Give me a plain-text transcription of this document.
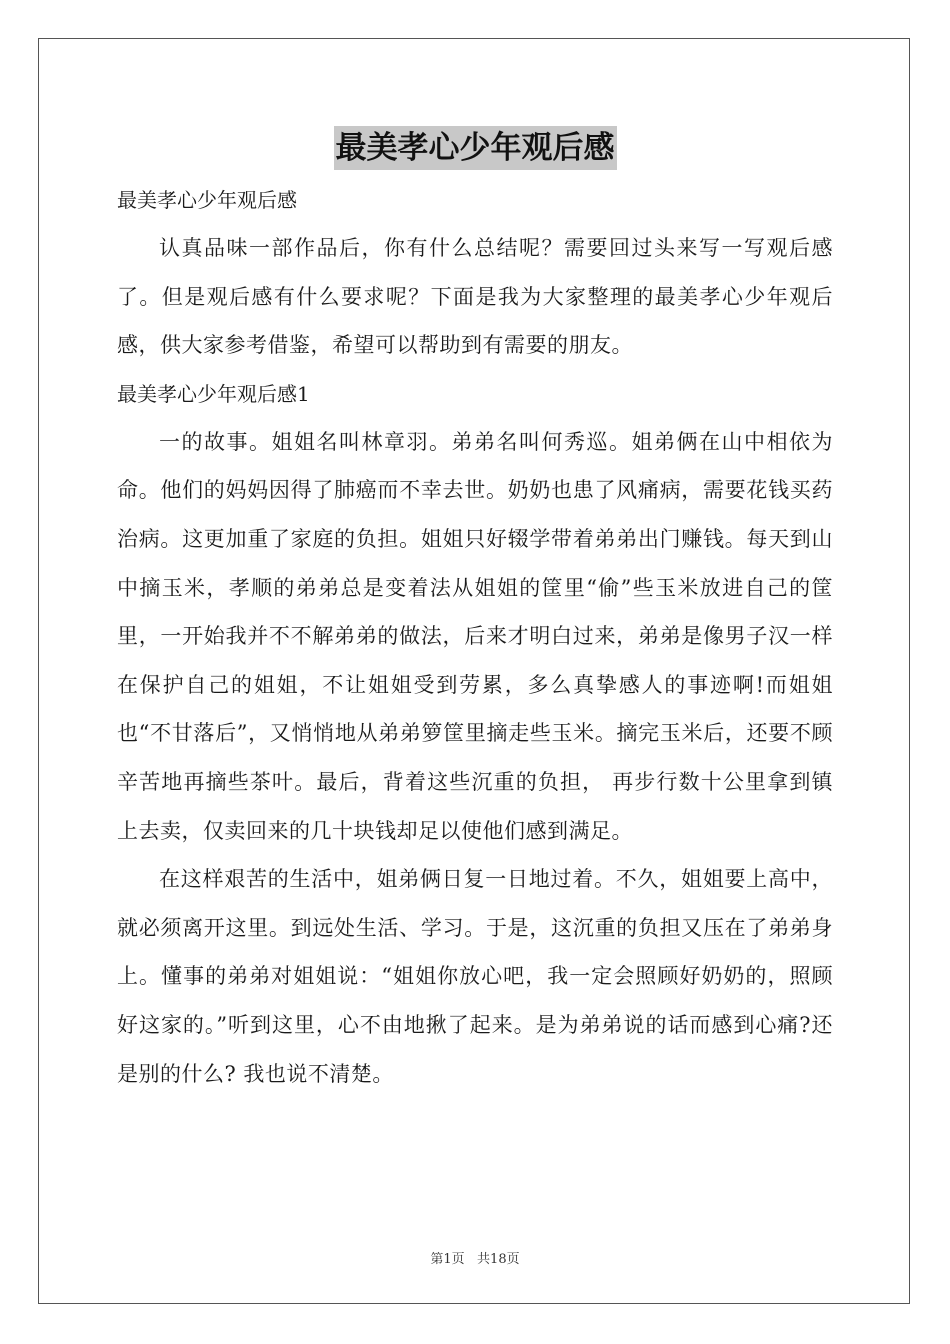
最美孝心少年观后感

最美孝心少年观后感

认真品味一部作品后，你有什么总结呢？需要回过头来写一写观后感了。但是观后感有什么要求呢？下面是我为大家整理的最美孝心少年观后感，供大家参考借鉴，希望可以帮助到有需要的朋友。

最美孝心少年观后感1

一的故事。姐姐名叫林章羽。弟弟名叫何秀巡。姐弟俩在山中相依为命。他们的妈妈因得了肺癌而不幸去世。奶奶也患了风痛病，需要花钱买药治病。这更加重了家庭的负担。姐姐只好辍学带着弟弟出门赚钱。每天到山中摘玉米，孝顺的弟弟总是变着法从姐姐的筐里“偷”些玉米放进自己的筐里，一开始我并不不解弟弟的做法，后来才明白过来，弟弟是像男子汉一样在保护自己的姐姐，不让姐姐受到劳累，多么真挚感人的事迹啊!而姐姐也“不甘落后”，又悄悄地从弟弟箩筐里摘走些玉米。摘完玉米后，还要不顾辛苦地再摘些茶叶。最后，背着这些沉重的负担， 再步行数十公里拿到镇上去卖，仅卖回来的几十块钱却足以使他们感到满足。

在这样艰苦的生活中，姐弟俩日复一日地过着。不久，姐姐要上高中，就必须离开这里。到远处生活、学习。于是，这沉重的负担又压在了弟弟身上。懂事的弟弟对姐姐说：“姐姐你放心吧，我一定会照顾好奶奶的，照顾好这家的。”听到这里，心不由地揪了起来。是为弟弟说的话而感到心痛?还是别的什么? 我也说不清楚。

第1页   共18页
